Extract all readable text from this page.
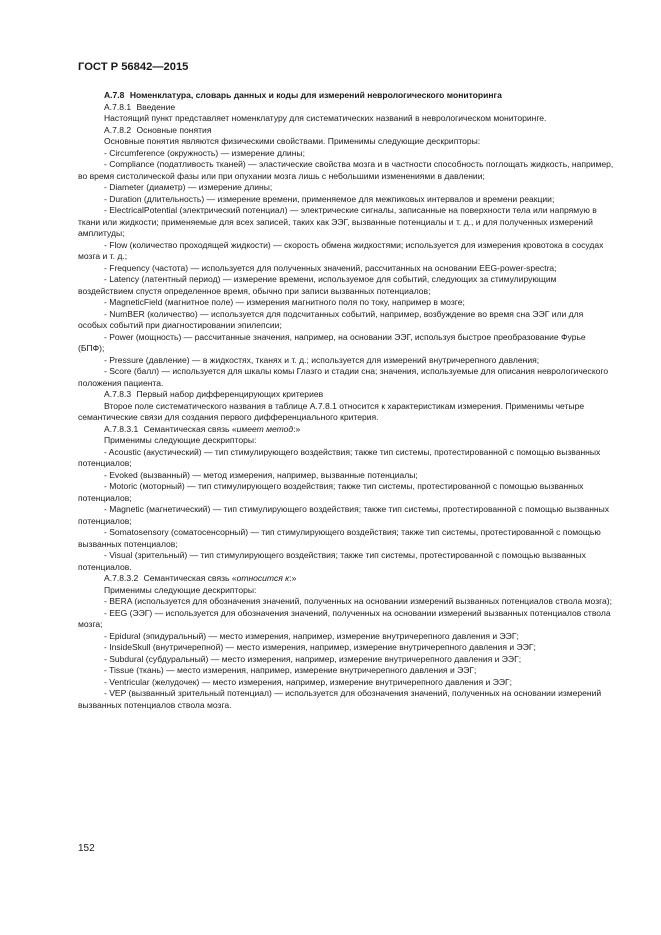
ГОСТ Р 56842—2015

А.7.8 Номенклатура, словарь данных и коды для измерений неврологического мониторинга

А.7.8.1 Введение

Настоящий пункт представляет номенклатуру для систематических названий в неврологическом мониторинге.

А.7.8.2 Основные понятия

Основные понятия являются физическими свойствами. Применимы следующие дескрипторы:

- Circumference (окружность) — измерение длины;

- Compliance (податливость тканей) — эластические свойства мозга и в частности способность поглощать жидкость, например, во время систолической фазы или при опухании мозга лишь с небольшими изменениями в давлении;

- Diameter (диаметр) — измерение длины;

- Duration (длительность) — измерение времени, применяемое для межпиковых интервалов и времени реакции;

- ElectricalPotential (электрический потенциал) — электрические сигналы, записанные на поверхности тела или напрямую в ткани или жидкости; применяемые для всех записей, таких как ЭЭГ, вызванные потенциалы и т. д., и для полученных измерений амплитуды;

- Flow (количество проходящей жидкости) — скорость обмена жидкостями; используется для измерения кровотока в сосудах мозга и т. д.;

- Frequency (частота) — используется для полученных значений, рассчитанных на основании EEG-power-spectra;

- Latency (латентный период) — измерение времени, используемое для событий, следующих за стимулирующим воздействием спустя определенное время, обычно при записи вызванных потенциалов;

- MagneticField (магнитное поле) — измерения магнитного поля по току, например в мозге;

- NumBER (количество) — используется для подсчитанных событий, например, возбуждение во время сна ЭЭГ или для особых событий при диагностировании эпилепсии;

- Power (мощность) — рассчитанные значения, например, на основании ЭЭГ, используя быстрое преобразование Фурье (БПФ);

- Pressure (давление) — в жидкостях, тканях и т. д.; используется для измерений внутричерепного давления;

- Score (балл) — используется для шкалы комы Глазго и стадии сна; значения, используемые для описания неврологического положения пациента.

А.7.8.3 Первый набор дифференцирующих критериев

Второе поле систематического названия в таблице А.7.8.1 относится к характеристикам измерения. Применимы четыре семантические связи для создания первого дифференциального критерия.

А.7.8.3.1 Семантическая связь «имеет метод:»

Применимы следующие дескрипторы:

- Acoustic (акустический) — тип стимулирующего воздействия; также тип системы, протестированной с помощью вызванных потенциалов;

- Evoked (вызванный) — метод измерения, например, вызванные потенциалы;

- Motoric (моторный) — тип стимулирующего воздействия; также тип системы, протестированной с помощью вызванных потенциалов;

- Magnetic (магнетический) — тип стимулирующего воздействия; также тип системы, протестированной с помощью вызванных потенциалов;

- Somatosensory (соматосенсорный) — тип стимулирующего воздействия; также тип системы, протестированной с помощью вызванных потенциалов;

- Visual (зрительный) — тип стимулирующего воздействия; также тип системы, протестированной с помощью вызванных потенциалов.

А.7.8.3.2 Семантическая связь «относится к:»

Применимы следующие дескрипторы:

- BERA (используется для обозначения значений, полученных на основании измерений вызванных потенциалов ствола мозга);

- EEG (ЭЭГ) — используется для обозначения значений, полученных на основании измерений вызванных потенциалов ствола мозга;

- Epidural (эпидуральный) — место измерения, например, измерение внутричерепного давления и ЭЭГ;

- InsideSkull (внутричерепной) — место измерения, например, измерение внутричерепного давления и ЭЭГ;

- Subdural (субдуральный) — место измерения, например, измерение внутричерепного давления и ЭЭГ;

- Tissue (ткань) — место измерения, например, измерение внутричерепного давления и ЭЭГ;

- Ventricular (желудочек) — место измерения, например, измерение внутричерепного давления и ЭЭГ;

- VEP (вызванный зрительный потенциал) — используется для обозначения значений, полученных на основании измерений вызванных потенциалов ствола мозга.

152
